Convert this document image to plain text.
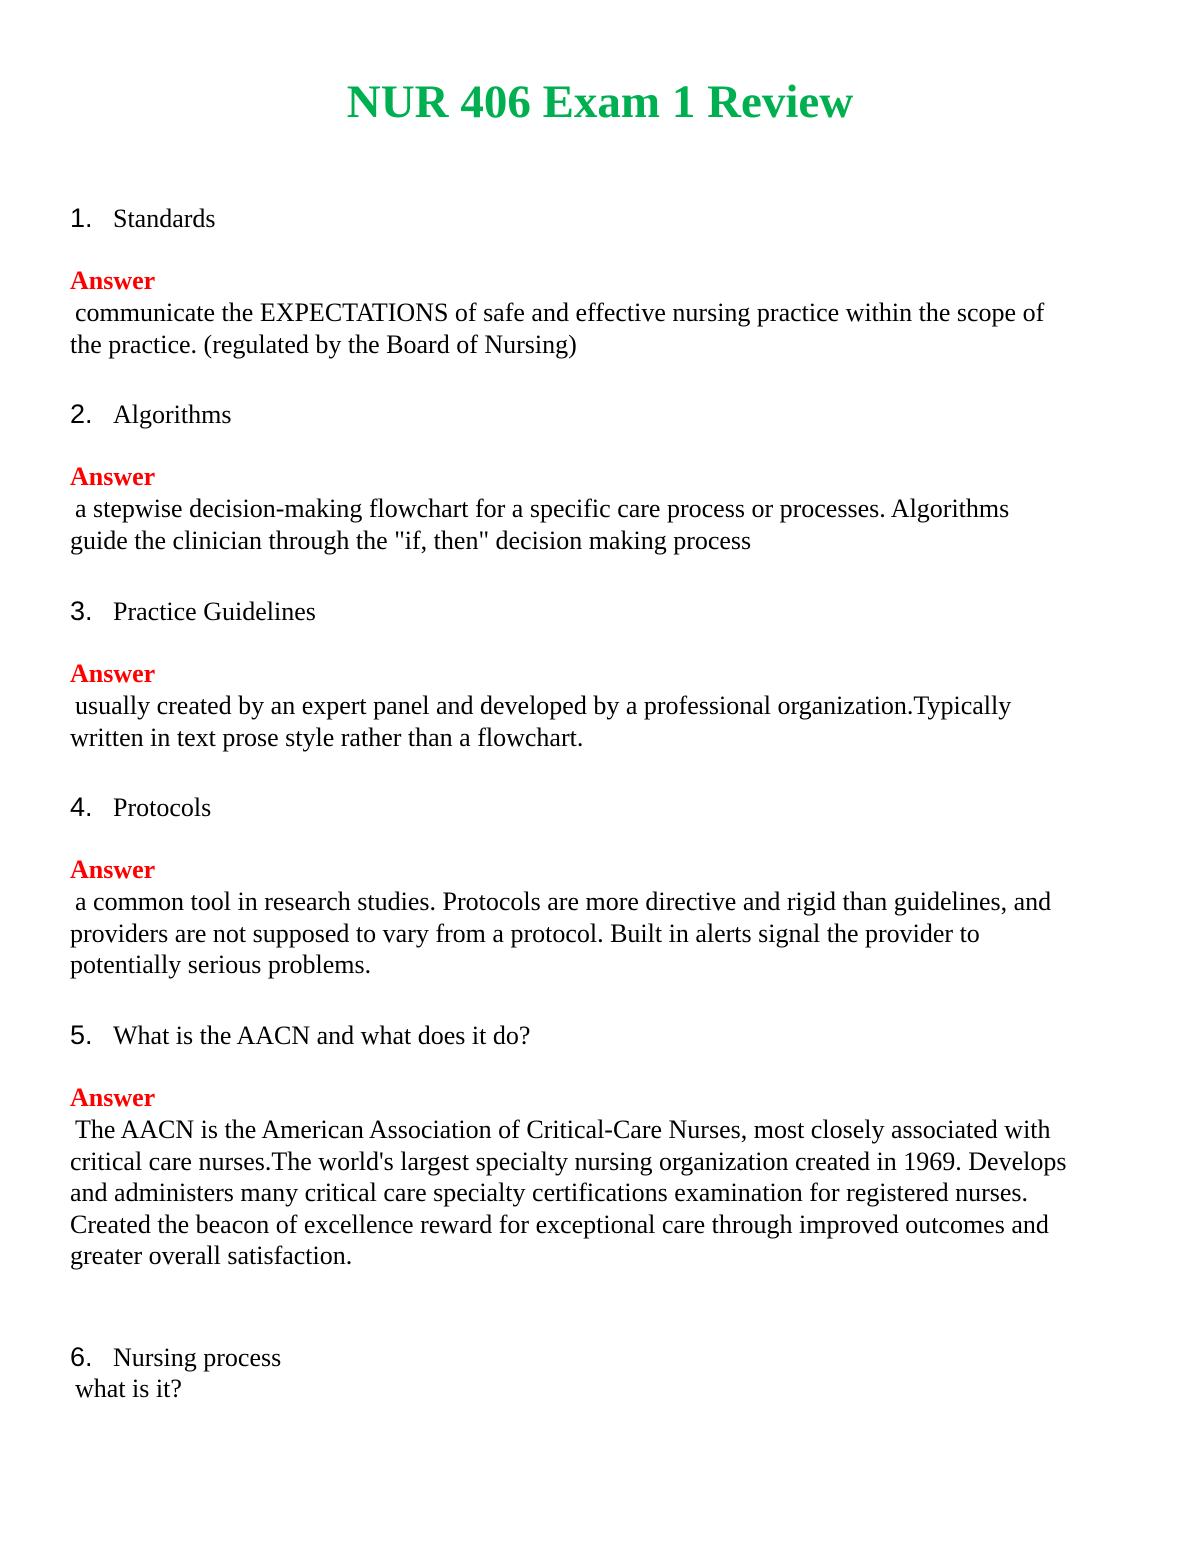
NUR 406 Exam 1 Review
1. Standards
Answer
communicate the EXPECTATIONS of safe and effective nursing practice within the scope of
the practice. (regulated by the Board of Nursing)
2. Algorithms
Answer
a stepwise decision-making flowchart for a specific care process or processes. Algorithms
guide the clinician through the "if, then" decision making process
3. Practice Guidelines
Answer
usually created by an expert panel and developed by a professional organization.Typically
written in text prose style rather than a flowchart.
4. Protocols
Answer
a common tool in research studies. Protocols are more directive and rigid than guidelines, and
providers are not supposed to vary from a protocol. Built in alerts signal the provider to
potentially serious problems.
5. What is the AACN and what does it do?
Answer
The AACN is the American Association of Critical-Care Nurses, most closely associated with
critical care nurses.The world's largest specialty nursing organization created in 1969. Develops
and administers many critical care specialty certifications examination for registered nurses.
Created the beacon of excellence reward for exceptional care through improved outcomes and
greater overall satisfaction.
6. Nursing process
what is it?
